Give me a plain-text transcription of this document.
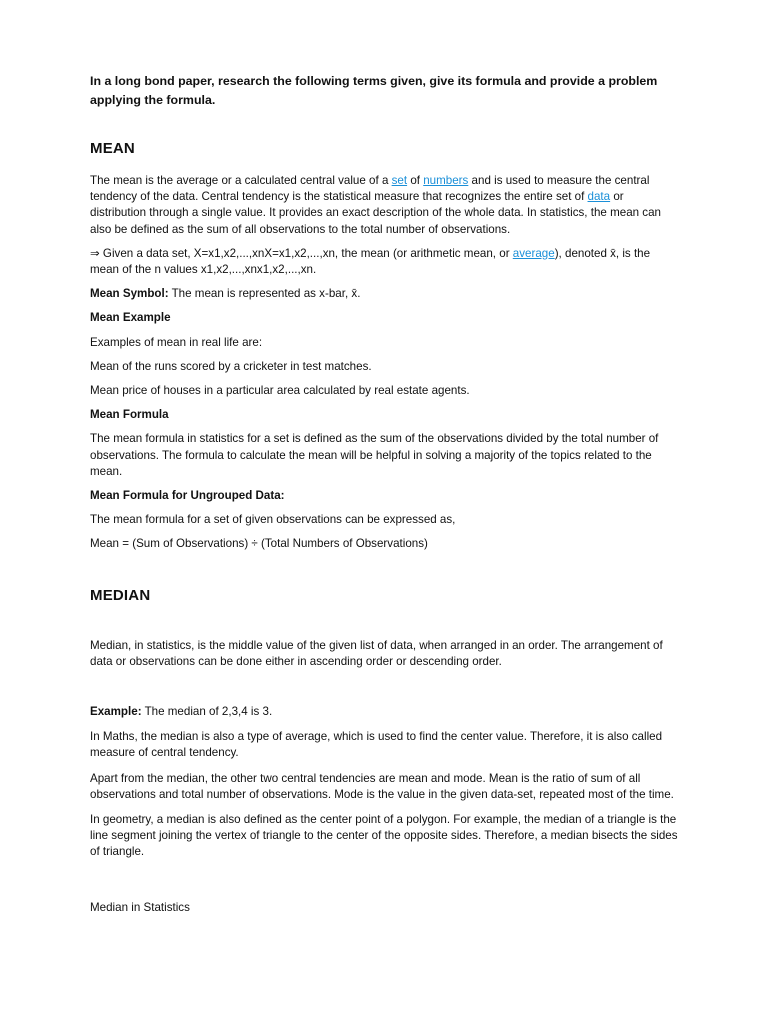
In a long bond paper, research the following terms given, give its formula and provide a problem applying the formula.

MEAN

The mean is the average or a calculated central value of a set of numbers and is used to measure the central tendency of the data. Central tendency is the statistical measure that recognizes the entire set of data or distribution through a single value. It provides an exact description of the whole data. In statistics, the mean can also be defined as the sum of all observations to the total number of observations.

⇒ Given a data set, X=x1,x2,...,xnX=x1,x2,...,xn, the mean (or arithmetic mean, or average), denoted x̄, is the mean of the n values x1,x2,...,xnx1,x2,...,xn.

Mean Symbol: The mean is represented as x-bar, x̄.

Mean Example

Examples of mean in real life are:

Mean of the runs scored by a cricketer in test matches.

Mean price of houses in a particular area calculated by real estate agents.

Mean Formula

The mean formula in statistics for a set is defined as the sum of the observations divided by the total number of observations. The formula to calculate the mean will be helpful in solving a majority of the topics related to the mean.

Mean Formula for Ungrouped Data:

The mean formula for a set of given observations can be expressed as,

Mean = (Sum of Observations) ÷ (Total Numbers of Observations)

MEDIAN

Median, in statistics, is the middle value of the given list of data, when arranged in an order. The arrangement of data or observations can be done either in ascending order or descending order.

Example: The median of 2,3,4 is 3.

In Maths, the median is also a type of average, which is used to find the center value. Therefore, it is also called measure of central tendency.

Apart from the median, the other two central tendencies are mean and mode. Mean is the ratio of sum of all observations and total number of observations. Mode is the value in the given data-set, repeated most of the time.

In geometry, a median is also defined as the center point of a polygon. For example, the median of a triangle is the line segment joining the vertex of triangle to the center of the opposite sides. Therefore, a median bisects the sides of triangle.

Median in Statistics
